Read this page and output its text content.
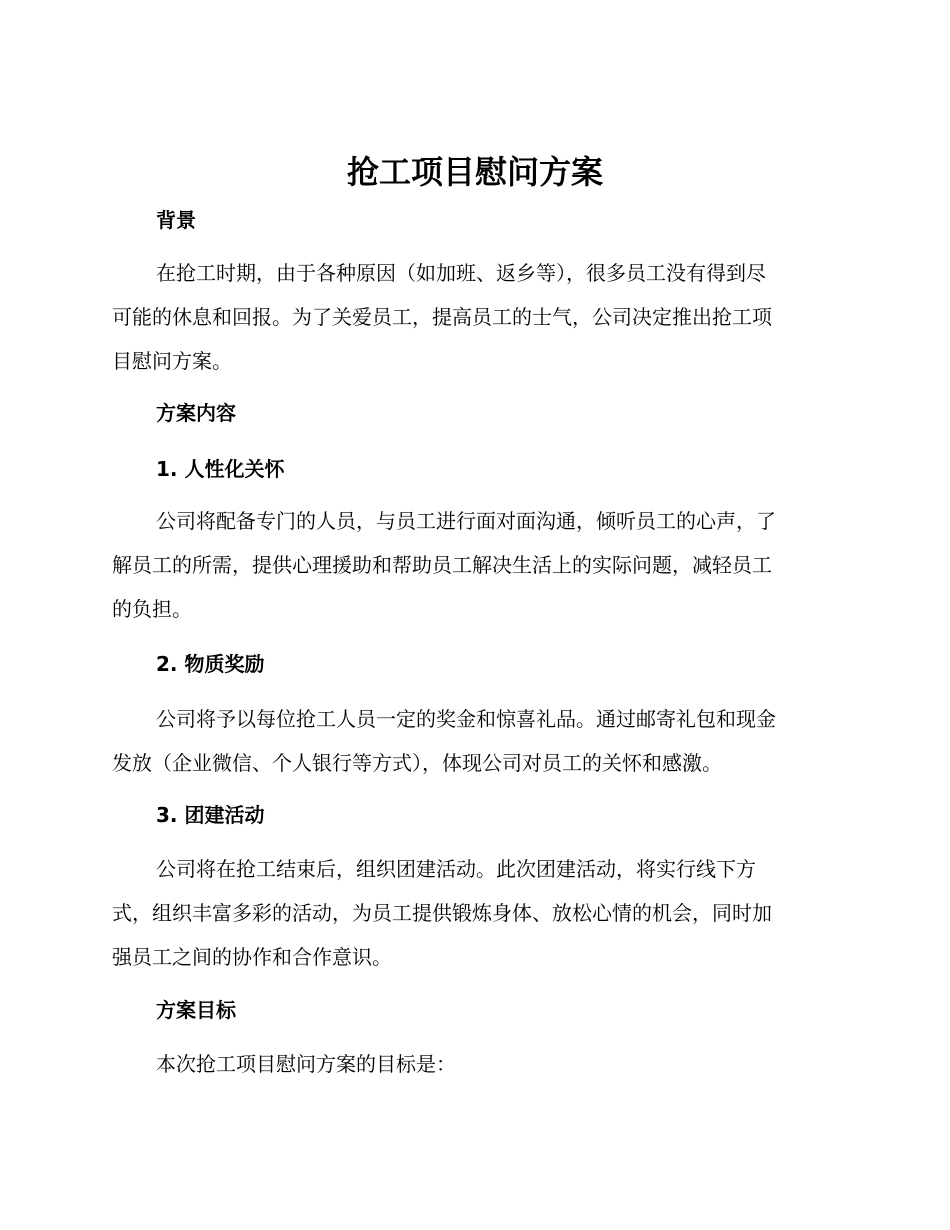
抢工项目慰问方案
背景
在抢工时期，由于各种原因（如加班、返乡等），很多员工没有得到尽
可能的休息和回报。为了关爱员工，提高员工的士气，公司决定推出抢工项
目慰问方案。
方案内容
1. 人性化关怀
公司将配备专门的人员，与员工进行面对面沟通，倾听员工的心声，了
解员工的所需，提供心理援助和帮助员工解决生活上的实际问题，减轻员工
的负担。
2. 物质奖励
公司将予以每位抢工人员一定的奖金和惊喜礼品。通过邮寄礼包和现金
发放（企业微信、个人银行等方式），体现公司对员工的关怀和感激。
3. 团建活动
公司将在抢工结束后，组织团建活动。此次团建活动，将实行线下方
式，组织丰富多彩的活动，为员工提供锻炼身体、放松心情的机会，同时加
强员工之间的协作和合作意识。
方案目标
本次抢工项目慰问方案的目标是：
